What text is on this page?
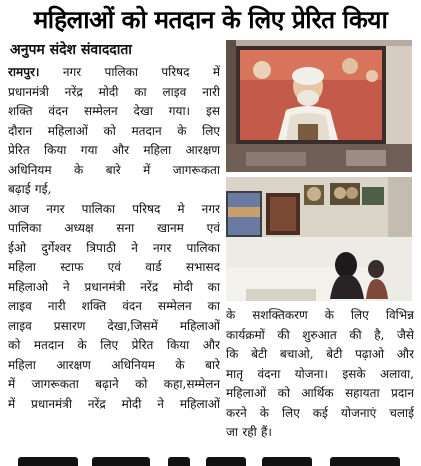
महिलाओं को मतदान के लिए प्रेरित किया
अनुपम संदेश संवाददाता

रामपुर। नगर पालिका परिषद में
प्रधानमंत्री नरेंद्र मोदी का लाइव नारी
शक्ति वंदन सम्मेलन देखा गया। इस
दौरान महिलाओं को मतदान के लिए
प्रेरित किया गया और महिला आरक्षण
अधिनियम के बारे में जागरूकता
बढ़ाई गई,

आज नगर पालिका परिषद मे नगर
पालिका अध्यक्ष सना खानम एवं
ईओ दुर्गेश्वर त्रिपाठी ने नगर पालिका
महिला स्टाफ एवं वार्ड सभासद
महिलाओ ने प्रधानमंत्री नरेंद्र मोदी का
लाइव नारी शक्ति वंदन सम्मेलन का
लाइव प्रसारण देखा,जिसमें महिलाओं
को मतदान के लिए प्रेरित किया और
महिला आरक्षण अधिनियम के बारे
में जागरूकता बढ़ाने को कहा,सम्मेलन
में प्रधानमंत्री नरेंद्र मोदी ने महिलाओं

के सशक्तिकरण के लिए विभिन्न
कार्यक्रमों की शुरुआत की है, जैसे
कि बेटी बचाओ, बेटी पढ़ाओ और
मातृ वंदना योजना। इसके अलावा,
महिलाओं को आर्थिक सहायता प्रदान
करने के लिए कई योजनाएं चलाई
जा रही हैं।
